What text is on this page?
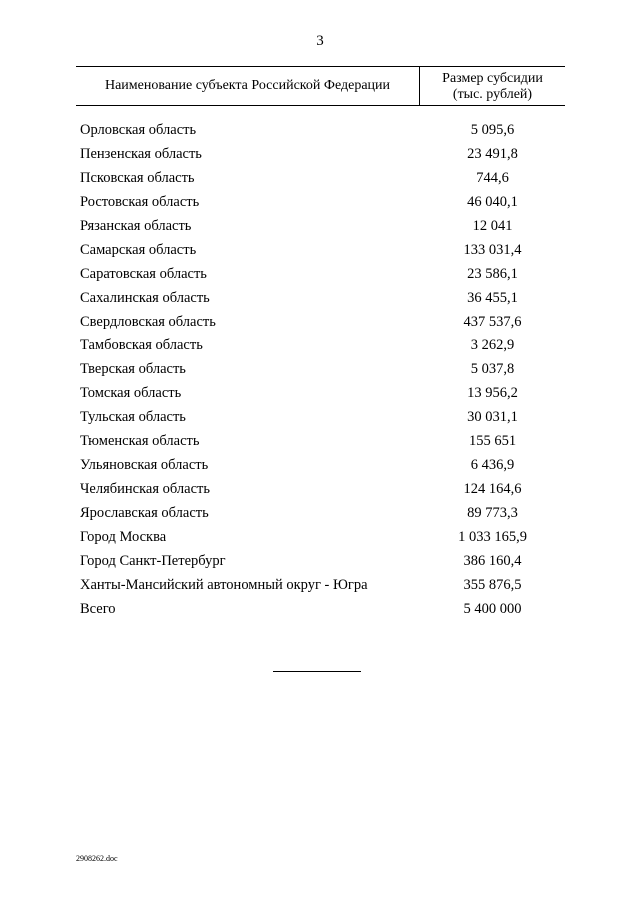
3
Наименование субъекта Российской Федерации	Размер субсидии
(тыс. рублей)
Орловская область	5 095,6
Пензенская область	23 491,8
Псковская область	744,6
Ростовская область	46 040,1
Рязанская область	12 041
Самарская область	133 031,4
Саратовская область	23 586,1
Сахалинская область	36 455,1
Свердловская область	437 537,6
Тамбовская область	3 262,9
Тверская область	5 037,8
Томская область	13 956,2
Тульская область	30 031,1
Тюменская область	155 651
Ульяновская область	6 436,9
Челябинская область	124 164,6
Ярославская область	89 773,3
Город Москва	1 033 165,9
Город Санкт-Петербург	386 160,4
Ханты-Мансийский автономный округ - Югра	355 876,5
Всего	5 400 000
2908262.doc
